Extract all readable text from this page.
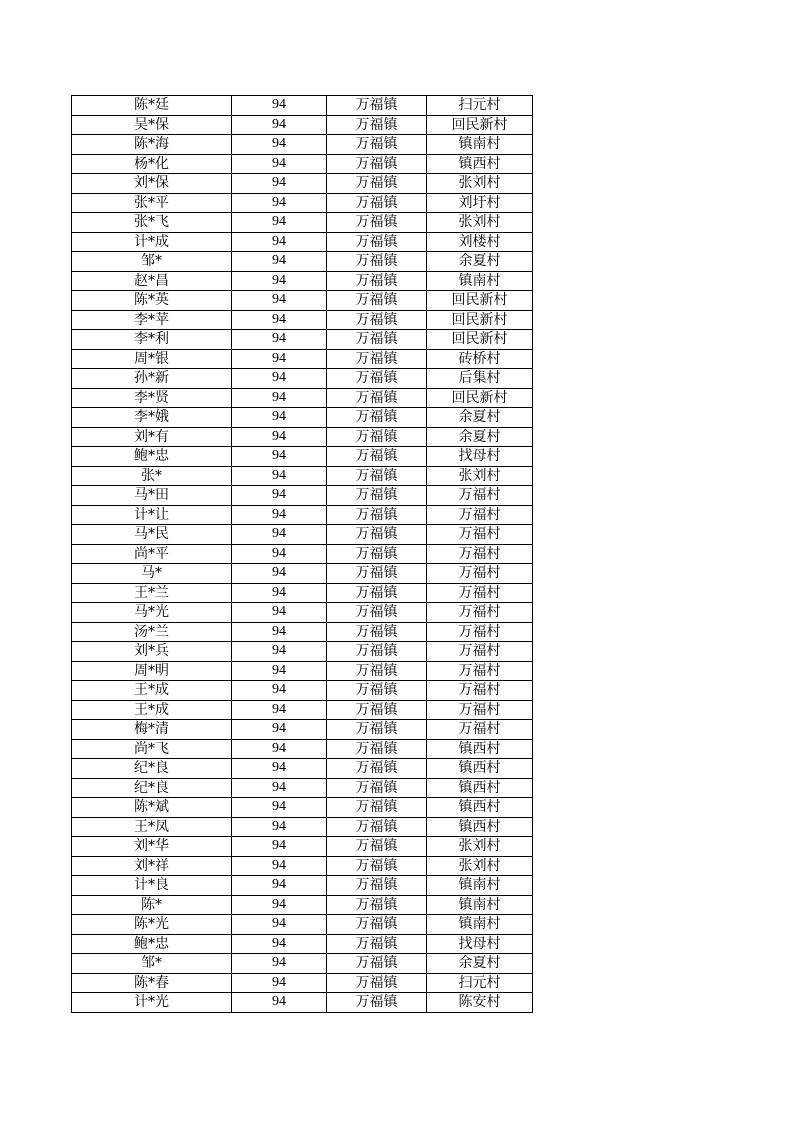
陈*廷	94	万福镇	扫元村
吴*保	94	万福镇	回民新村
陈*海	94	万福镇	镇南村
杨*化	94	万福镇	镇西村
刘*保	94	万福镇	张刘村
张*平	94	万福镇	刘圩村
张*飞	94	万福镇	张刘村
计*成	94	万福镇	刘楼村
邹*	94	万福镇	余夏村
赵*昌	94	万福镇	镇南村
陈*英	94	万福镇	回民新村
李*苹	94	万福镇	回民新村
李*利	94	万福镇	回民新村
周*银	94	万福镇	砖桥村
孙*新	94	万福镇	后集村
李*贤	94	万福镇	回民新村
李*娥	94	万福镇	余夏村
刘*有	94	万福镇	余夏村
鲍*忠	94	万福镇	找母村
张*	94	万福镇	张刘村
马*田	94	万福镇	万福村
计*让	94	万福镇	万福村
马*民	94	万福镇	万福村
尚*平	94	万福镇	万福村
马*	94	万福镇	万福村
王*兰	94	万福镇	万福村
马*光	94	万福镇	万福村
汤*兰	94	万福镇	万福村
刘*兵	94	万福镇	万福村
周*明	94	万福镇	万福村
王*成	94	万福镇	万福村
王*成	94	万福镇	万福村
梅*清	94	万福镇	万福村
尚*飞	94	万福镇	镇西村
纪*良	94	万福镇	镇西村
纪*良	94	万福镇	镇西村
陈*斌	94	万福镇	镇西村
王*凤	94	万福镇	镇西村
刘*华	94	万福镇	张刘村
刘*祥	94	万福镇	张刘村
计*良	94	万福镇	镇南村
陈*	94	万福镇	镇南村
陈*光	94	万福镇	镇南村
鲍*忠	94	万福镇	找母村
邹*	94	万福镇	余夏村
陈*春	94	万福镇	扫元村
计*光	94	万福镇	陈安村
